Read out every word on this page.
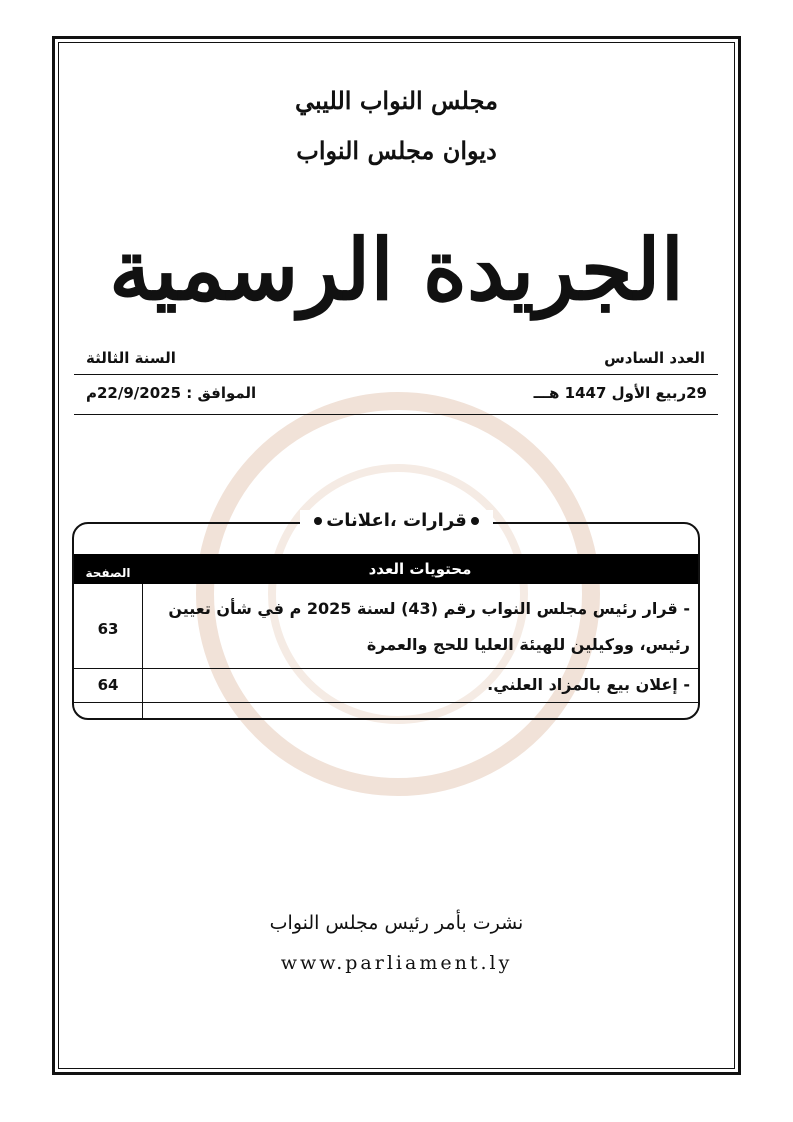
مجلس النواب الليبي
ديوان مجلس النواب
الجريدة الرسمية
العدد السادس
السنة الثالثة
29ربيع الأول 1447 هـــ
الموافق : 22/9/2025م
محتويات العدد
الصفحة
- قرار رئيس مجلس النواب رقم (43) لسنة 2025 م في شأن تعيين
رئيس، ووكيلين للهيئة العليا للحج والعمرة
63
- إعلان بيع بالمزاد العلني.
64
قرارات ،اعلانات
نشرت بأمر رئيس مجلس النواب
www.parliament.ly
